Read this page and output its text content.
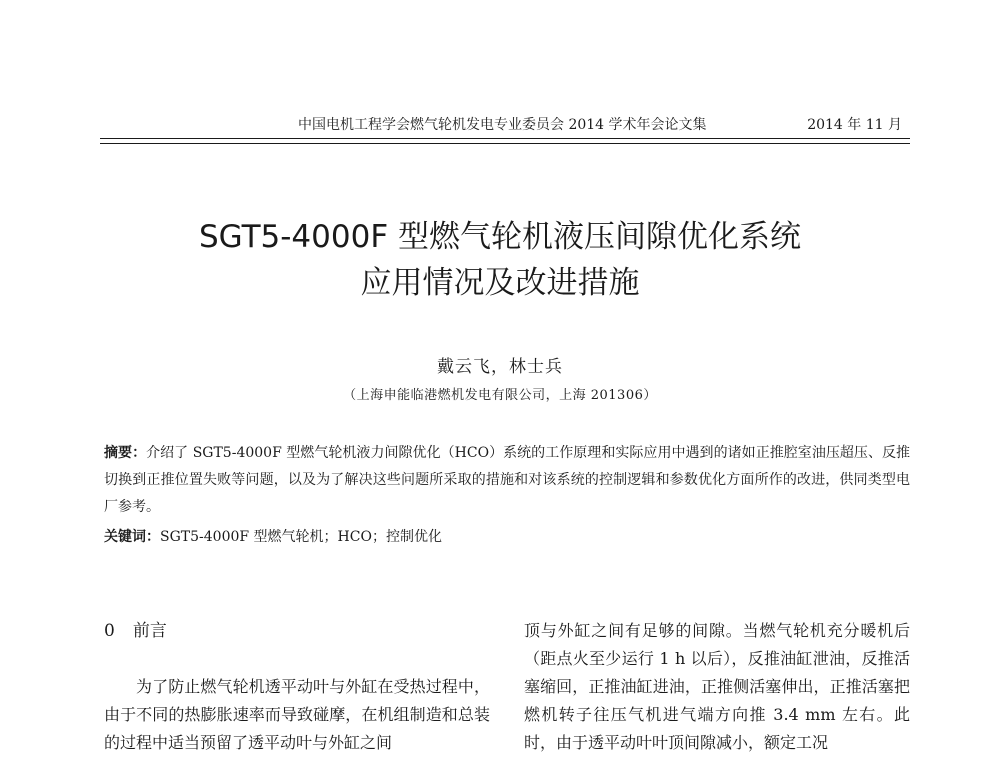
中国电机工程学会燃气轮机发电专业委员会 2014 学术年会论文集	2014 年 11 月
SGT5-4000F 型燃气轮机液压间隙优化系统
应用情况及改进措施
戴云飞，林士兵
（上海申能临港燃机发电有限公司，上海 201306）
摘要：介绍了 SGT5-4000F 型燃气轮机液力间隙优化（HCO）系统的工作原理和实际应用中遇到的诸如正推腔室油压超压、反推切换到正推位置失败等问题，以及为了解决这些问题所采取的措施和对该系统的控制逻辑和参数优化方面所作的改进，供同类型电厂参考。
关键词：SGT5-4000F 型燃气轮机；HCO；控制优化
0 前言

为了防止燃气轮机透平动叶与外缸在受热过程中，由于不同的热膨胀速率而导致碰摩，在机组制造和总装的过程中适当预留了透平动叶与外缸之间

顶与外缸之间有足够的间隙。当燃气轮机充分暖机后（距点火至少运行 1 h 以后），反推油缸泄油，反推活塞缩回，正推油缸进油，正推侧活塞伸出，正推活塞把燃机转子往压气机进气端方向推 3.4 mm 左右。此时，由于透平动叶叶顶间隙减小，额定工况
